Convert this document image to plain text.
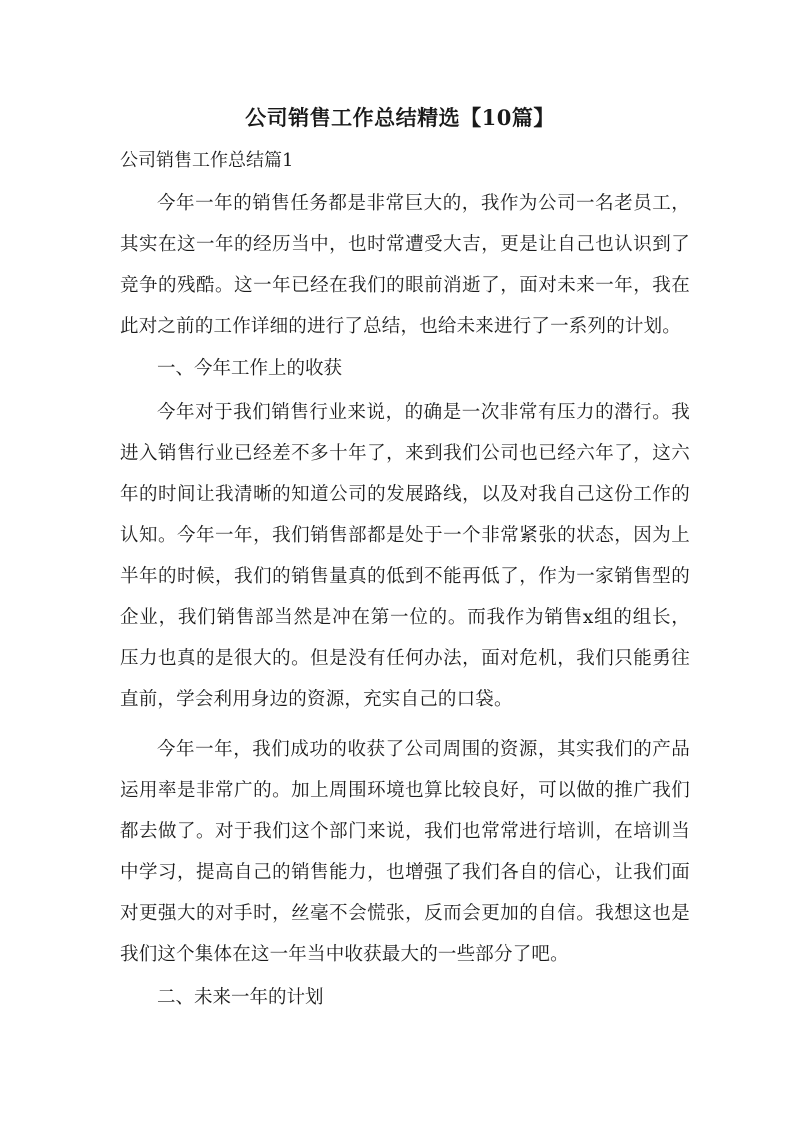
公司销售工作总结精选【10篇】
公司销售工作总结篇1
今年一年的销售任务都是非常巨大的，我作为公司一名老员工，其实在这一年的经历当中，也时常遭受大吉，更是让自己也认识到了竞争的残酷。这一年已经在我们的眼前消逝了，面对未来一年，我在此对之前的工作详细的进行了总结，也给未来进行了一系列的计划。
一、今年工作上的收获
今年对于我们销售行业来说，的确是一次非常有压力的潜行。我进入销售行业已经差不多十年了，来到我们公司也已经六年了，这六年的时间让我清晰的知道公司的发展路线，以及对我自己这份工作的认知。今年一年，我们销售部都是处于一个非常紧张的状态，因为上半年的时候，我们的销售量真的低到不能再低了，作为一家销售型的企业，我们销售部当然是冲在第一位的。而我作为销售x组的组长，压力也真的是很大的。但是没有任何办法，面对危机，我们只能勇往直前，学会利用身边的资源，充实自己的口袋。
今年一年，我们成功的收获了公司周围的资源，其实我们的产品运用率是非常广的。加上周围环境也算比较良好，可以做的推广我们都去做了。对于我们这个部门来说，我们也常常进行培训，在培训当中学习，提高自己的销售能力，也增强了我们各自的信心，让我们面对更强大的对手时，丝毫不会慌张，反而会更加的自信。我想这也是我们这个集体在这一年当中收获最大的一些部分了吧。
二、未来一年的计划
